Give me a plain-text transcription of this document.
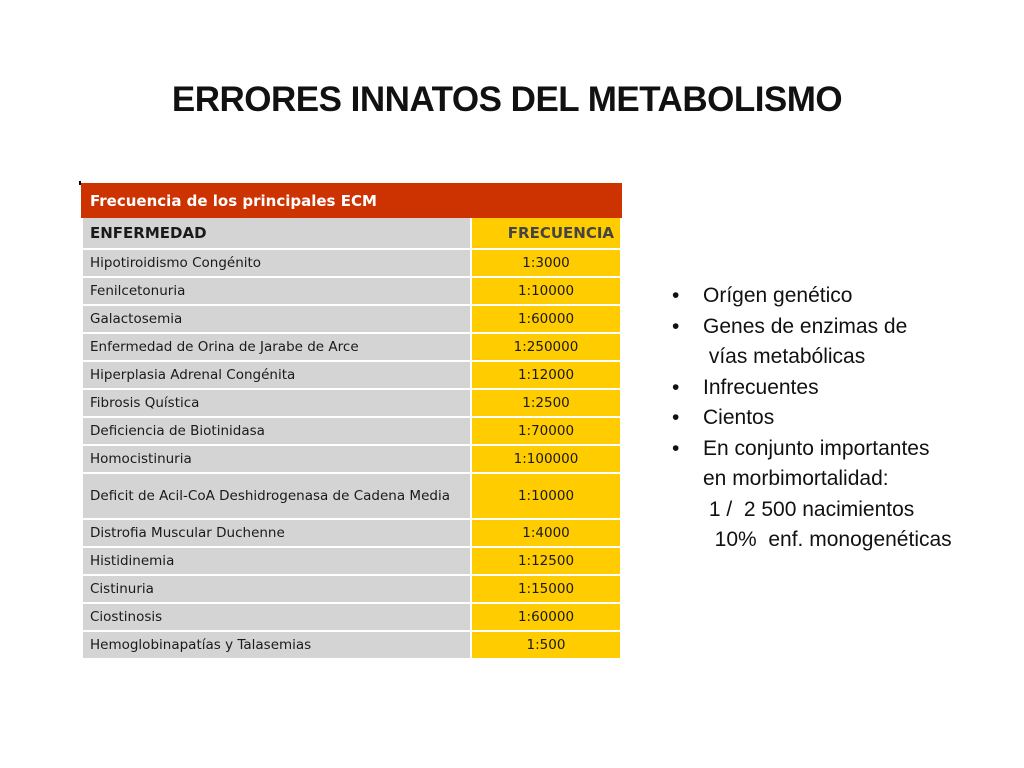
ERRORES INNATOS DEL METABOLISMO
Frecuencia de los principales ECM	
ENFERMEDAD	FRECUENCIA
Hipotiroidismo Congénito	1:3000
Fenilcetonuria	1:10000
Galactosemia	1:60000
Enfermedad de Orina de Jarabe de Arce	1:250000
Hiperplasia Adrenal Congénita	1:12000
Fibrosis Quística	1:2500
Deficiencia de Biotinidasa	1:70000
Homocistinuria	1:100000
Deficit de Acil-CoA Deshidrogenasa de Cadena Media	1:10000
Distrofia Muscular Duchenne	1:4000
Histidinemia	1:12500
Cistinuria	1:15000
Ciostinosis	1:60000
Hemoglobinapatías y Talasemias	1:500
• Orígen genético
• Genes de enzimas de
vías metabólicas
• Infrecuentes
• Cientos
• En conjunto importantes
en morbimortalidad:
1 /  2 500 nacimientos
10%  enf. monogenéticas
